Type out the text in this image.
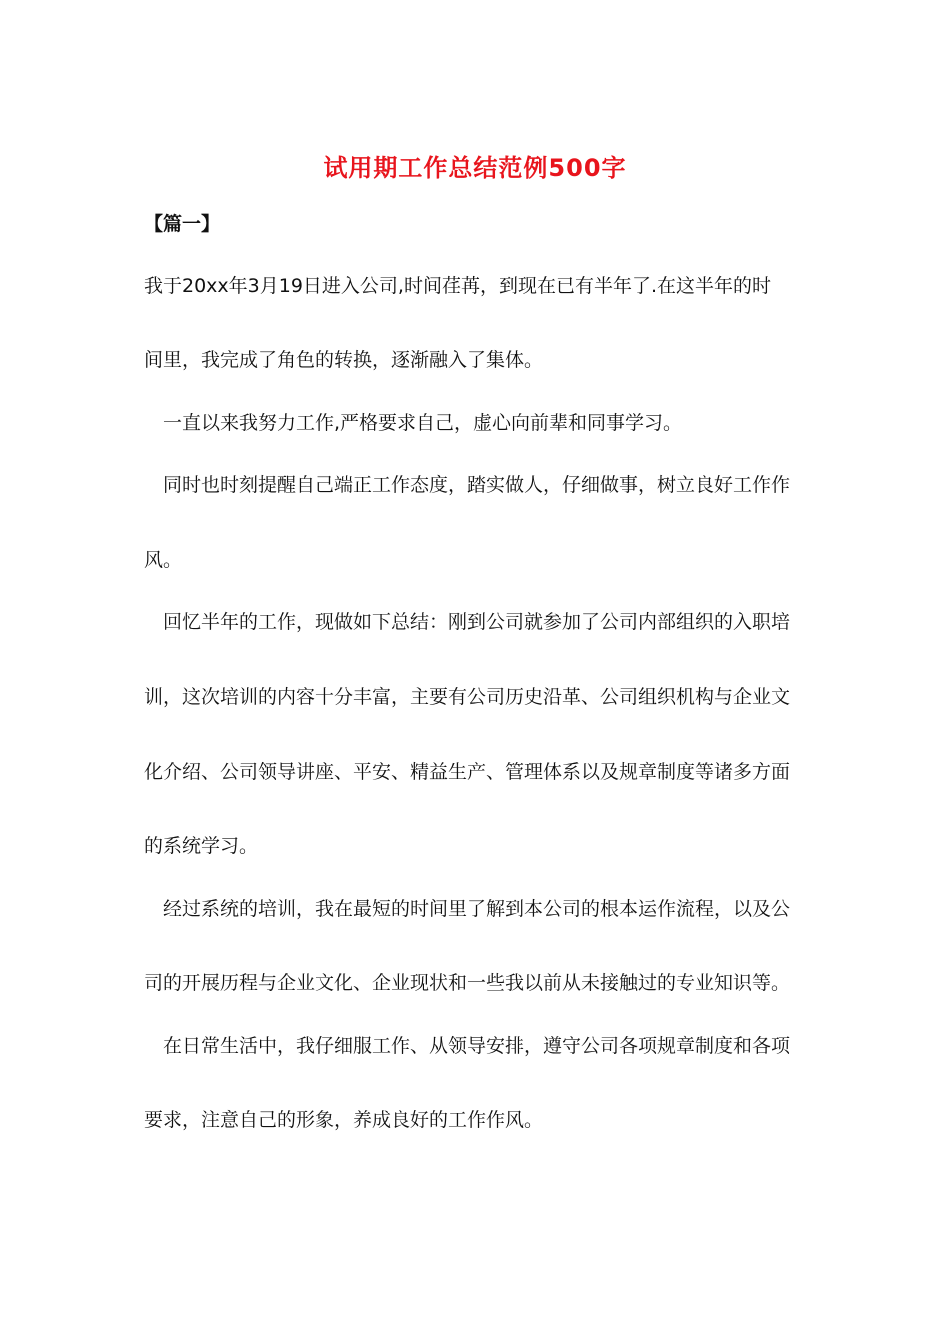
试用期工作总结范例500字
【篇一】
我于20xx年3月19日进入公司,时间荏苒，到现在已有半年了.在这半年的时
间里，我完成了角色的转换，逐渐融入了集体。
一直以来我努力工作,严格要求自己，虚心向前辈和同事学习。
同时也时刻提醒自己端正工作态度，踏实做人，仔细做事，树立良好工作作
风。
回忆半年的工作，现做如下总结：刚到公司就参加了公司内部组织的入职培
训，这次培训的内容十分丰富，主要有公司历史沿革、公司组织机构与企业文
化介绍、公司领导讲座、平安、精益生产、管理体系以及规章制度等诸多方面
的系统学习。
经过系统的培训，我在最短的时间里了解到本公司的根本运作流程，以及公
司的开展历程与企业文化、企业现状和一些我以前从未接触过的专业知识等。
在日常生活中，我仔细服工作、从领导安排，遵守公司各项规章制度和各项
要求，注意自己的形象，养成良好的工作作风。
